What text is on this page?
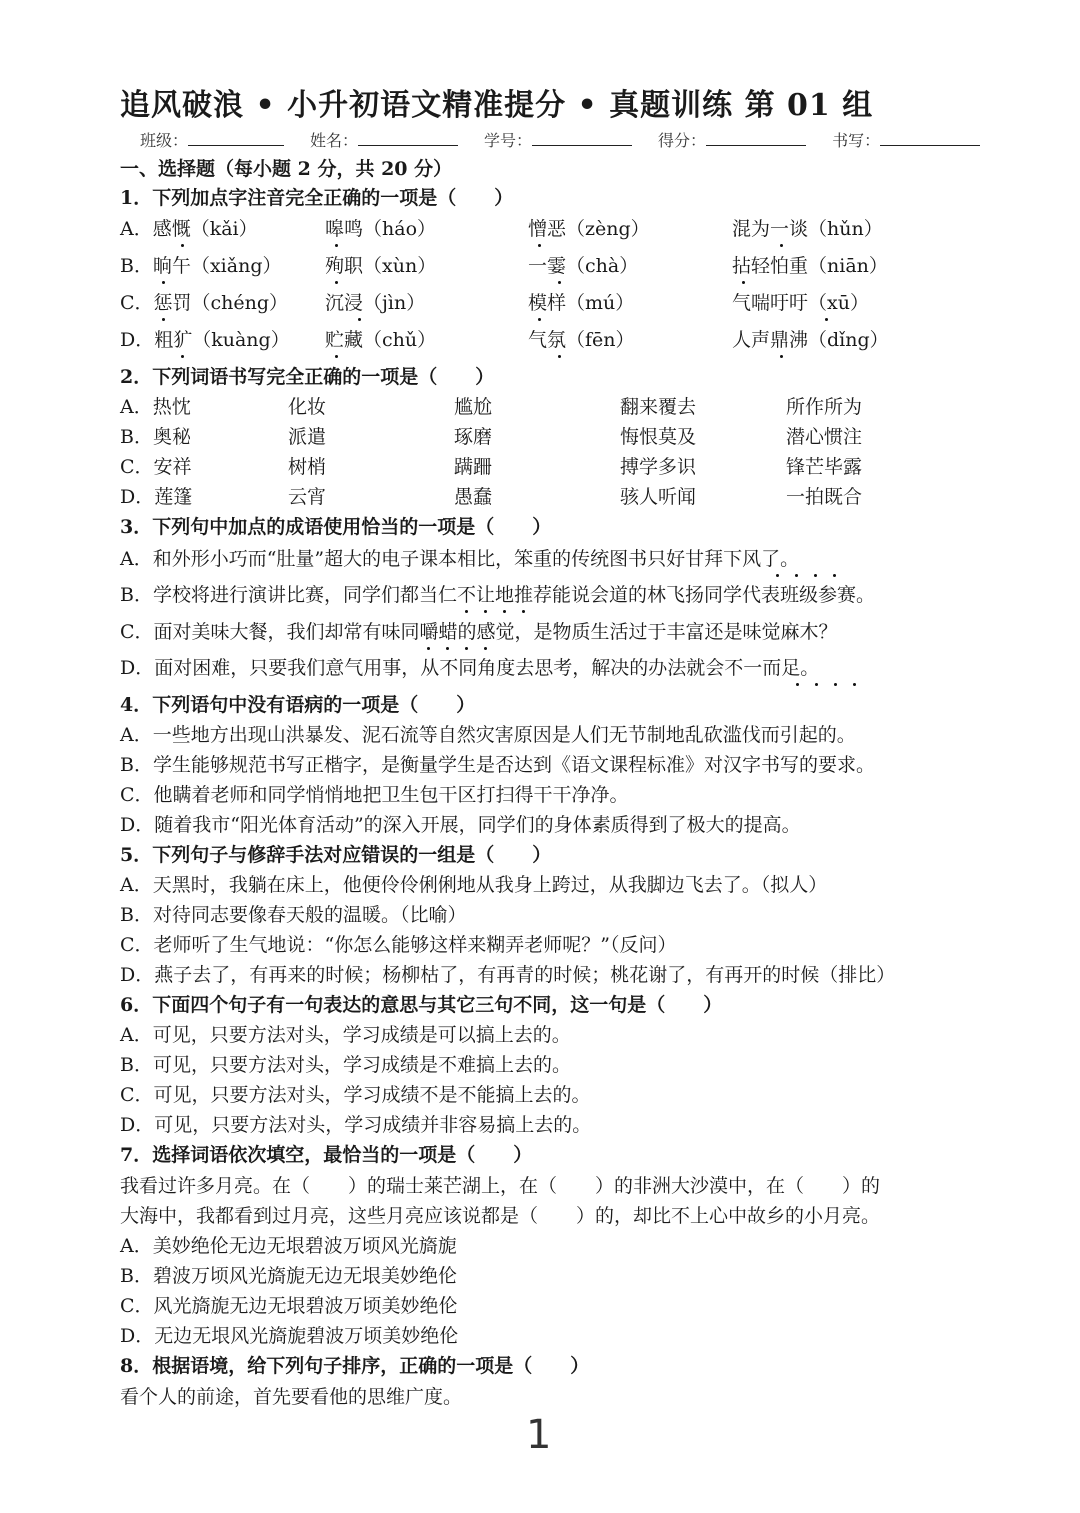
追风破浪 • 小升初语文精准提分 • 真题训练 第 01 组
班级：	姓名：	学号：	得分：	书写：
一、选择题（每小题 2 分，共 20 分）
1．下列加点字注音完全正确的一项是（　　）
A．感慨（kǎi）	嗥鸣（háo）	憎恶（zèng）	混为一谈（hǔn）
B．晌午（xiǎng） 殉职（xùn）	一霎（chà）	拈轻怕重（niān）
C．惩罚（chéng） 沉浸（jìn）	模样（mú）	气喘吁吁（xū）
D．粗犷（kuàng） 贮藏（chǔ）	气氛（fēn）	人声鼎沸（dǐng）
2．下列词语书写完全正确的一项是（　　）
A．热忱	化妆	尴尬	翻来覆去	所作所为
B．奥秘	派遣	琢磨	悔恨莫及	潜心惯注
C．安祥	树梢	蹒跚	搏学多识	锋芒毕露
D．莲篷	云宵	愚蠢	骇人听闻	一拍既合
3．下列句中加点的成语使用恰当的一项是（　　）
A．和外形小巧而“肚量”超大的电子课本相比，笨重的传统图书只好甘拜下风了。
B．学校将进行演讲比赛，同学们都当仁不让地推荐能说会道的林飞扬同学代表班级参赛。
C．面对美味大餐，我们却常有味同嚼蜡的感觉，是物质生活过于丰富还是味觉麻木？
D．面对困难，只要我们意气用事，从不同角度去思考，解决的办法就会不一而足。
4．下列语句中没有语病的一项是（　　）
A．一些地方出现山洪暴发、泥石流等自然灾害原因是人们无节制地乱砍滥伐而引起的。
B．学生能够规范书写正楷字，是衡量学生是否达到《语文课程标准》对汉字书写的要求。
C．他瞒着老师和同学悄悄地把卫生包干区打扫得干干净净。
D．随着我市“阳光体育活动”的深入开展，同学们的身体素质得到了极大的提高。
5．下列句子与修辞手法对应错误的一组是（　　）
A．天黑时，我躺在床上，他便伶伶俐俐地从我身上跨过，从我脚边飞去了。（拟人）
B．对待同志要像春天般的温暖。（比喻）
C．老师听了生气地说：“你怎么能够这样来糊弄老师呢？”（反问）
D．燕子去了，有再来的时候；杨柳枯了，有再青的时候；桃花谢了，有再开的时候（排比）
6．下面四个句子有一句表达的意思与其它三句不同，这一句是（　　）
A．可见，只要方法对头，学习成绩是可以搞上去的。
B．可见，只要方法对头，学习成绩是不难搞上去的。
C．可见，只要方法对头，学习成绩不是不能搞上去的。
D．可见，只要方法对头，学习成绩并非容易搞上去的。
7．选择词语依次填空，最恰当的一项是（　　）
我看过许多月亮。在（　　）的瑞士莱芒湖上，在（　　）的非洲大沙漠中，在（　　）的
大海中，我都看到过月亮，这些月亮应该说都是（　　）的，却比不上心中故乡的小月亮。
A．美妙绝伦无边无垠碧波万顷风光旖旎
B．碧波万顷风光旖旎无边无垠美妙绝伦
C．风光旖旎无边无垠碧波万顷美妙绝伦
D．无边无垠风光旖旎碧波万顷美妙绝伦
8．根据语境，给下列句子排序，正确的一项是（　　）
看个人的前途，首先要看他的思维广度。
1
